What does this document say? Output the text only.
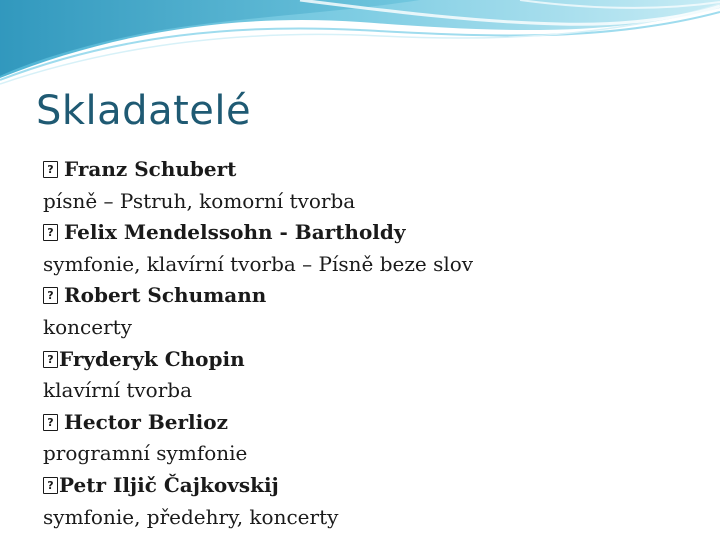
Skladatelé
?Franz Schubert
písně – Pstruh, komorní tvorba
?Felix Mendelssohn - Bartholdy
symfonie, klavírní tvorba – Písně beze slov
?Robert Schumann
koncerty
?Fryderyk Chopin
klavírní tvorba
?Hector Berlioz
programní symfonie
?Petr Iljič Čajkovskij
symfonie, předehry, koncerty
